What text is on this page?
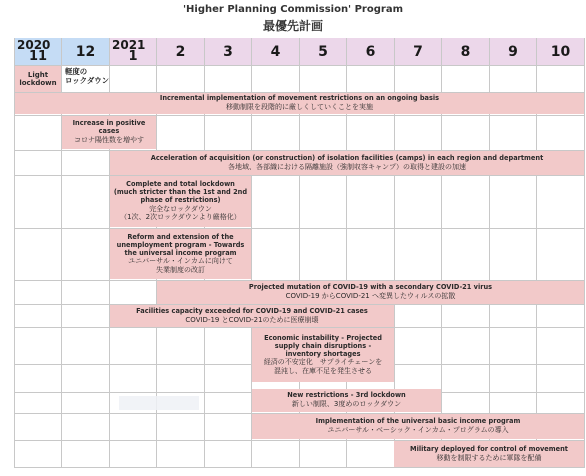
'Higher Planning Commission' Program
最優先計画
2020
11	12	2021
1	2	3	4	5	6	7	8	9	10
Light
lockdown
軽度の
ロックダウン
Incremental implementation of movement restrictions on an ongoing basis
移動制限を段階的に厳しくしていくことを実施
Increase in positive
cases
コロナ陽性数を増やす
Acceleration of acquisition (or construction) of isolation facilities (camps) in each region and department
各地域、各部織における隔離施設（強制収容キャンプ）の取得と建設の加速
Complete and total lockdown
(much stricter than the 1st and 2nd
phase of restrictions)
完全なロックダウン
（1次、2次ロックダウンより厳格化）
Reform and extension of the
unemployment program - Towards
the universal income program
ユニバーサル・インカムに向けて
失業制度の改訂
Projected mutation of COVID-19 with a secondary COVID-21 virus
COVID-19 からCOVID-21 へ変異したウィルスの拡散
Facilities capacity exceeded for COVID-19 and COVID-21 cases
COVID-19 とCOVID-21のために医療崩壊
Economic instability - Projected
supply chain disruptions -
inventory shortages
経済の不安定化　サプライチェーンを
混沌し、在庫不足を発生させる
New restrictions - 3rd lockdown
新しい制限、3度めのロックダウン
Implementation of the universal basic income program
ユニバーサル・ベーシック・インカム・プログラムの導入
Military deployed for control of movement
移動を制限するために軍隊を配備
